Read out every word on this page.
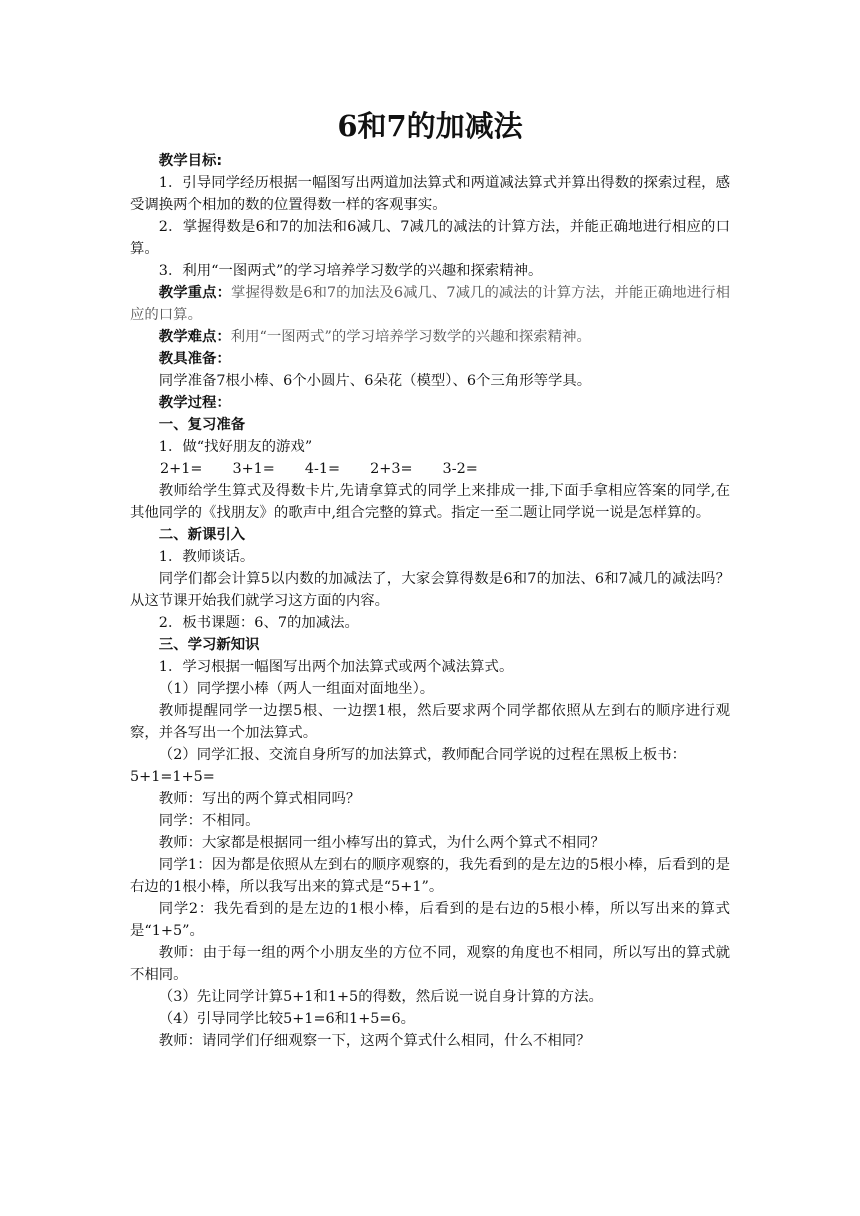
6和7的加减法

教学目标:

1．引导同学经历根据一幅图写出两道加法算式和两道减法算式并算出得数的探索过程，感受调换两个相加的数的位置得数一样的客观事实。

2．掌握得数是6和7的加法和6减几、7减几的减法的计算方法，并能正确地进行相应的口算。

3．利用“一图两式”的学习培养学习数学的兴趣和探索精神。

教学重点：掌握得数是6和7的加法及6减几、7减几的减法的计算方法，并能正确地进行相应的口算。

教学难点：利用“一图两式”的学习培养学习数学的兴趣和探索精神。

教具准备：

同学准备7根小棒、6个小圆片、6朵花（模型）、6个三角形等学具。

教学过程：

一、复习准备

1．做“找好朋友的游戏”

2+1= 3+1= 4-1= 2+3= 3-2=

教师给学生算式及得数卡片,先请拿算式的同学上来排成一排,下面手拿相应答案的同学,在其他同学的《找朋友》的歌声中,组合完整的算式。指定一至二题让同学说一说是怎样算的。

二、新课引入

1．教师谈话。

同学们都会计算5以内数的加减法了，大家会算得数是6和7的加法、6和7减几的减法吗？从这节课开始我们就学习这方面的内容。

2．板书课题：6、7的加减法。

三、学习新知识

1．学习根据一幅图写出两个加法算式或两个减法算式。

（1）同学摆小棒（两人一组面对面地坐）。

教师提醒同学一边摆5根、一边摆1根，然后要求两个同学都依照从左到右的顺序进行观察，并各写出一个加法算式。

（2）同学汇报、交流自身所写的加法算式，教师配合同学说的过程在黑板上板书：

5+1=1+5=

教师：写出的两个算式相同吗？

同学：不相同。

教师：大家都是根据同一组小棒写出的算式，为什么两个算式不相同？

同学1：因为都是依照从左到右的顺序观察的，我先看到的是左边的5根小棒，后看到的是右边的1根小棒，所以我写出来的算式是“5+1”。

同学2：我先看到的是左边的1根小棒，后看到的是右边的5根小棒，所以写出来的算式是“1+5”。

教师：由于每一组的两个小朋友坐的方位不同，观察的角度也不相同，所以写出的算式就不相同。

（3）先让同学计算5+1和1+5的得数，然后说一说自身计算的方法。

（4）引导同学比较5+1=6和1+5=6。

教师：请同学们仔细观察一下，这两个算式什么相同，什么不相同？
